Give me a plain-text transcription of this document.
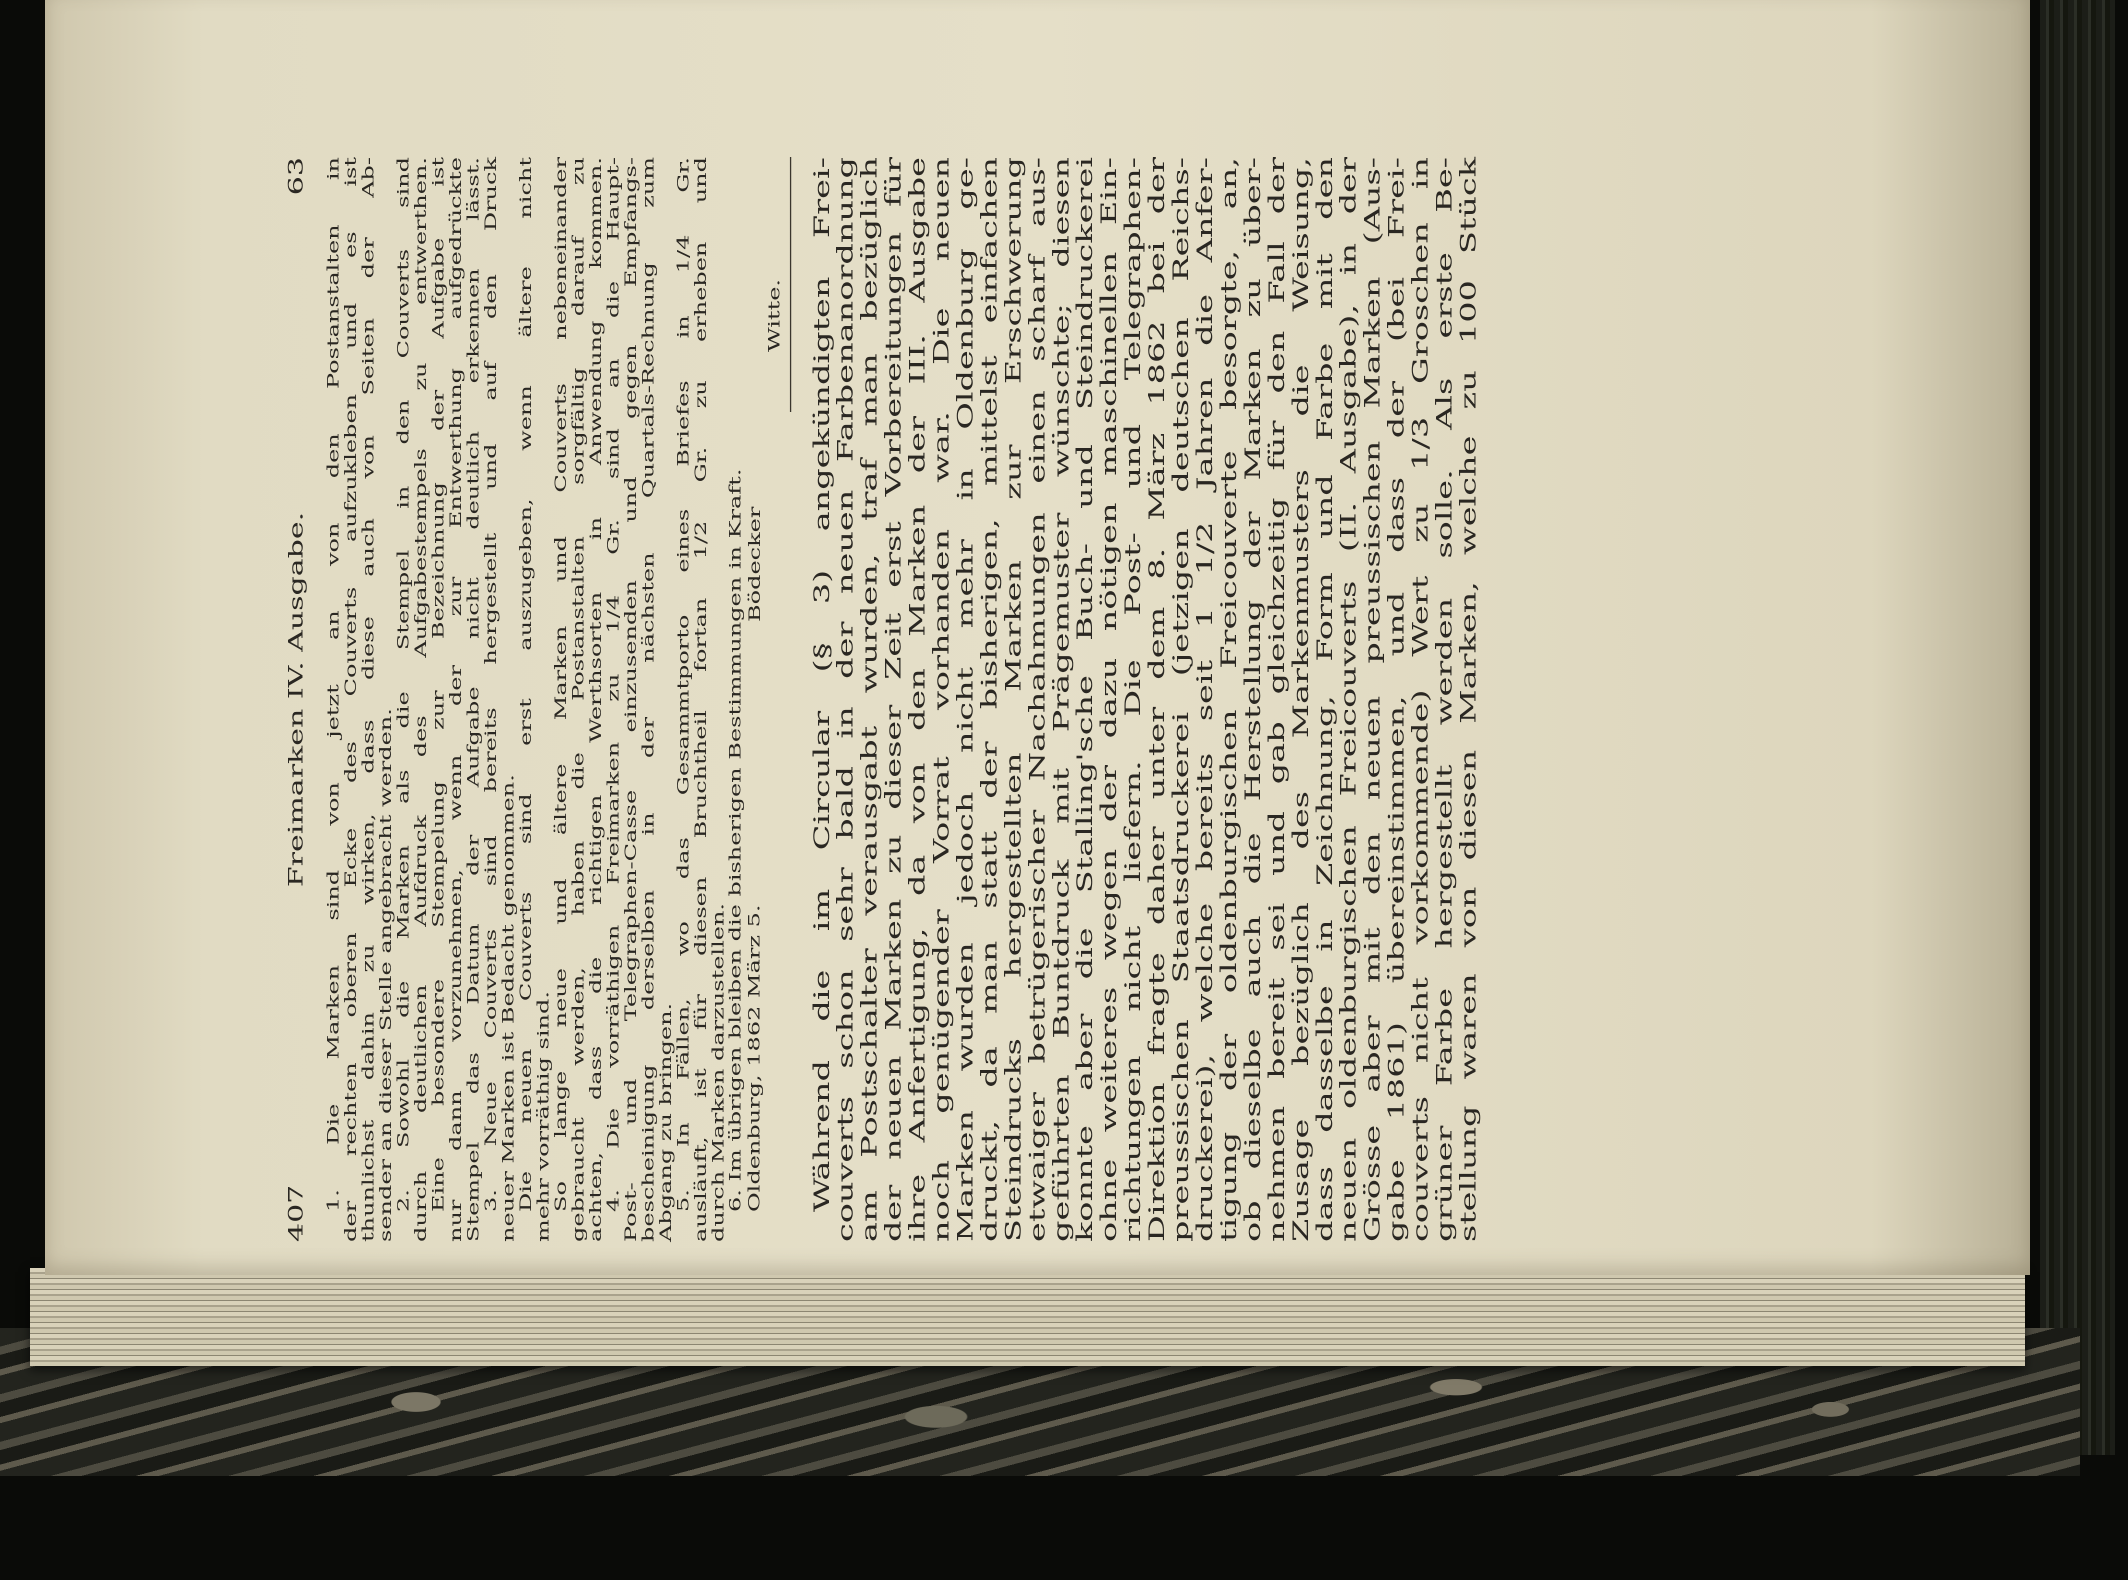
407
Freimarken IV. Ausgabe.
63 1. Die Marken sind von jetzt an von den Postanstalten in der rechten oberen Ecke des Couverts aufzukleben und es ist thunlichst dahin zu wirken, dass diese auch von Seiten der Ab- sender an dieser Stelle angebracht werden. 2. Sowohl die Marken als die Stempel in den Couverts sind durch deutlichen Aufdruck des Aufgabestempels zu entwerthen. Eine besondere Stempelung zur Bezeichnung der Aufgabe ist nur dann vorzunehmen, wenn der zur Entwerthung aufgedrückte Stempel das Datum der Aufgabe nicht deutlich erkennen lässt. 3. Neue Couverts sind bereits hergestellt und auf den Druck neuer Marken ist Bedacht genommen. Die neuen Couverts sind erst auszugeben, wenn ältere nicht mehr vorräthig sind. So lange neue und ältere Marken und Couverts nebeneinander gebraucht werden, haben die Postanstalten sorgfältig darauf zu achten, dass die richtigen Werthsorten in Anwendung kommen. 4. Die vorräthigen Freimarken zu 1/4 Gr. sind an die Haupt- Post- und Telegraphen-Casse einzusenden und gegen Empfangs- bescheinigung derselben in der nächsten Quartals-Rechnung zum Abgang zu bringen. 5. In Fällen, wo das Gesammtporto eines Briefes in 1/4 Gr. ausläuft, ist für diesen Bruchtheil fortan 1/2 Gr. zu erheben und durch Marken darzustellen. 6. Im übrigen bleiben die bisherigen Bestimmungen in Kraft. Oldenburg, 1862 März 5.
Bödecker
Witte. Während die im Circular (§ 3) angekündigten Frei-
couverts schon sehr bald in der neuen Farbenanordnung
am Postschalter verausgabt wurden, traf man bezüglich
der neuen Marken zu dieser Zeit erst Vorbereitungen für
ihre Anfertigung, da von den Marken der III. Ausgabe
noch genügender Vorrat vorhanden war. Die neuen
Marken wurden jedoch nicht mehr in Oldenburg ge-
druckt, da man statt der bisherigen, mittelst einfachen
Steindrucks hergestellten Marken zur Erschwerung
etwaiger betrügerischer Nachahmungen einen scharf aus-
geführten Buntdruck mit Prägemuster wünschte; diesen
konnte aber die Stalling'sche Buch- und Steindruckerei
ohne weiteres wegen der dazu nötigen maschinellen Ein-
richtungen nicht liefern. Die Post- und Telegraphen-
Direktion fragte daher unter dem 8. März 1862 bei der
preussischen Staatsdruckerei (jetzigen deutschen Reichs-
druckerei), welche bereits seit 1 1/2 Jahren die Anfer-
tigung der oldenburgischen Freicouverte besorgte, an,
ob dieselbe auch die Herstellung der Marken zu über-
nehmen bereit sei und gab gleichzeitig für den Fall der
Zusage bezüglich des Markenmusters die Weisung,
dass dasselbe in Zeichnung, Form und Farbe mit den
neuen oldenburgischen Freicouverts (II. Ausgabe), in der
Grösse aber mit den neuen preussischen Marken (Aus-
gabe 1861) übereinstimmen, und dass der (bei Frei-
couverts nicht vorkommende) Wert zu 1/3 Groschen in
grüner Farbe hergestellt werden solle. Als erste Be-
stellung waren von diesen Marken, welche zu 100 Stück
